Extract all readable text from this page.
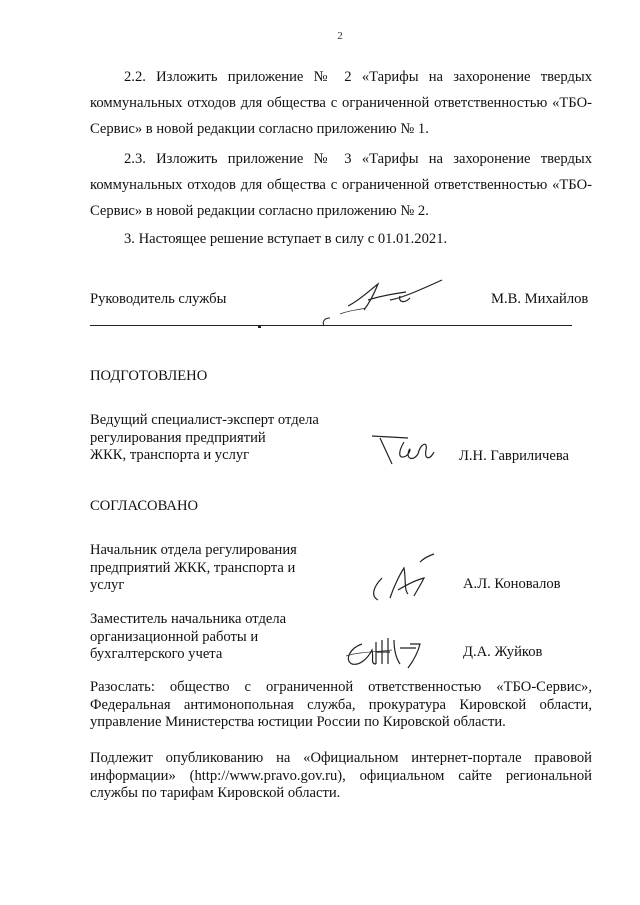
2
2.2. Изложить приложение № 2 «Тарифы на захоронение твердых коммунальных отходов для общества с ограниченной ответственностью «ТБО-Сервис» в новой редакции согласно приложению № 1.
2.3. Изложить приложение № 3 «Тарифы на захоронение твердых коммунальных отходов для общества с ограниченной ответственностью «ТБО-Сервис» в новой редакции согласно приложению № 2.
3. Настоящее решение вступает в силу с 01.01.2021.
Руководитель службы	М.В. Михайлов
ПОДГОТОВЛЕНО
Ведущий специалист-эксперт отдела
регулирования предприятий
ЖКК, транспорта и услуг	Л.Н. Гавриличева
СОГЛАСОВАНО
Начальник отдела регулирования
предприятий ЖКК, транспорта и
услуг	А.Л. Коновалов
Заместитель начальника отдела
организационной работы и
бухгалтерского учета	Д.А. Жуйков
Разослать: общество с ограниченной ответственностью «ТБО-Сервис», Федеральная антимонопольная служба, прокуратура Кировской области, управление Министерства юстиции России по Кировской области.
Подлежит опубликованию на «Официальном интернет-портале правовой информации» (http://www.pravo.gov.ru), официальном сайте региональной службы по тарифам Кировской области.
